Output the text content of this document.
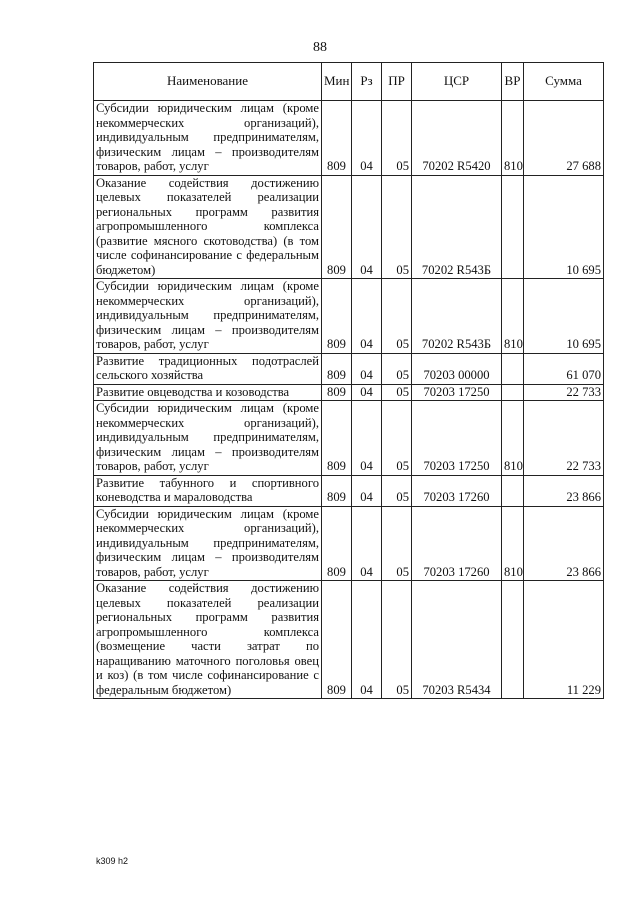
88
Наименование	Мин	Рз	ПР	ЦСР	ВР	Сумма
Субсидии юридическим лицам (кроме некоммерческих организаций), индивидуальным предпринимателям, физическим лицам – производителям товаров, работ, услуг	809	04	05	70202 R5420	810	27 688
Оказание содействия достижению целевых показателей реализации региональных программ развития агропромышленного комплекса (развитие мясного скотоводства) (в том числе софинансирование с федеральным бюджетом)	809	04	05	70202 R543Б		10 695
Субсидии юридическим лицам (кроме некоммерческих организаций), индивидуальным предпринимателям, физическим лицам – производителям товаров, работ, услуг	809	04	05	70202 R543Б	810	10 695
Развитие традиционных подотраслей сельского хозяйства	809	04	05	70203 00000		61 070
Развитие овцеводства и козоводства	809	04	05	70203 17250		22 733
Субсидии юридическим лицам (кроме некоммерческих организаций), индивидуальным предпринимателям, физическим лицам – производителям товаров, работ, услуг	809	04	05	70203 17250	810	22 733
Развитие табунного и спортивного коневодства и мараловодства	809	04	05	70203 17260		23 866
Субсидии юридическим лицам (кроме некоммерческих организаций), индивидуальным предпринимателям, физическим лицам – производителям товаров, работ, услуг	809	04	05	70203 17260	810	23 866
Оказание содействия достижению целевых показателей реализации региональных программ развития агропромышленного комплекса (возмещение части затрат по наращиванию маточного поголовья овец и коз) (в том числе софинансирование с федеральным бюджетом)	809	04	05	70203 R5434		11 229
k309 h2
